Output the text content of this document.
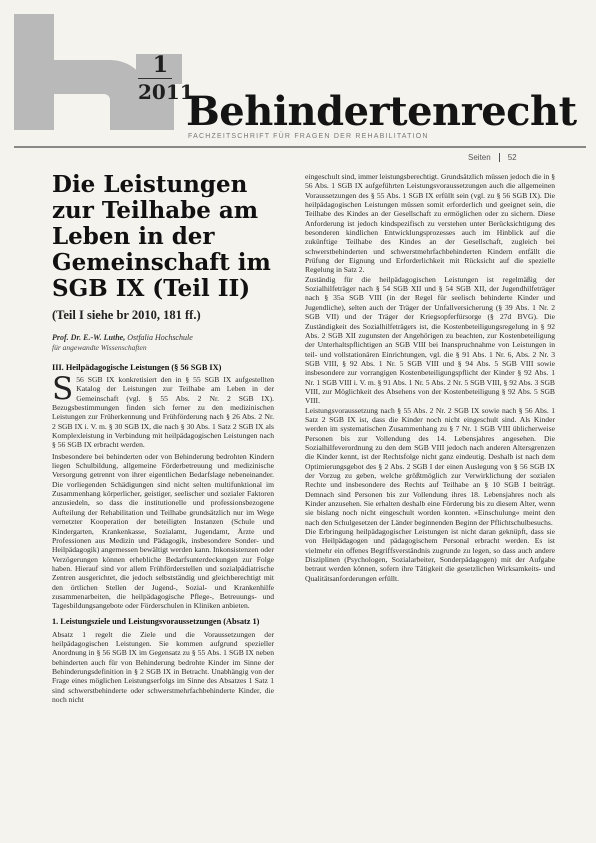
1
2011
Behindertenrecht
FACHZEITSCHRIFT FÜR FRAGEN DER REHABILITATION
Seiten 52
Die Leistungen zur Teilhabe am Leben in der Gemeinschaft im SGB IX (Teil II)
(Teil I siehe br 2010, 181 ff.)
Prof. Dr. E.-W. Luthe, Ostfalia Hochschule
für angewandte Wissenschaften
III. Heilpädagogische Leistungen (§ 56 SGB IX)

S 56 SGB IX konkretisiert den in § 55 SGB IX aufgestellten Katalog der Leistungen zur Teilhabe am Leben in der Gemeinschaft (vgl. § 55 Abs. 2 Nr. 2 SGB IX). Bezugsbestimmungen finden sich ferner zu den medizinischen Leistungen zur Früherkennung und Frühförderung nach § 26 Abs. 2 Nr. 2 SGB IX i. V. m. § 30 SGB IX, die nach § 30 Abs. 1 Satz 2 SGB IX als Komplexleistung in Verbindung mit heilpädagogischen Leistungen nach § 56 SGB IX erbracht werden.

Insbesondere bei behinderten oder von Behinderung bedrohten Kindern liegen Schulbildung, allgemeine Förderbetreuung und medizinische Versorgung getrennt von ihrer eigentlichen Bedarfslage nebeneinander. Die vorliegenden Schädigungen sind nicht selten multifunktional im Zusammenhang körperlicher, geistiger, seelischer und sozialer Faktoren anzusiedeln, so dass die institutionelle und professionsbezogene Aufteilung der Rehabilitation und Teilhabe grundsätzlich nur im Wege vernetzter Kooperation der beteiligten Instanzen (Schule und Kindergarten, Krankenkasse, Sozialamt, Jugendamt, Ärzte und Professionen aus Medizin und Pädagogik, insbesondere Sonder- und Heilpädagogik) angemessen bewältigt werden kann. Inkonsistenzen oder Verzögerungen können erhebliche Bedarfsunterdeckungen zur Folge haben. Hierauf sind vor allem Frühförderstellen und sozialpädiatrische Zentren ausgerichtet, die jedoch selbstständig und gleichberechtigt mit den örtlichen Stellen der Jugend-, Sozial- und Krankenhilfe zusammenarbeiten, die heilpädagogische Pflege-, Betreuungs- und Tagesbildungsangebote oder Förderschulen in Kliniken anbieten.

1. Leistungsziele und Leistungsvoraussetzungen (Absatz 1)

Absatz 1 regelt die Ziele und die Voraussetzungen der heilpädagogischen Leistungen. Sie kommen aufgrund spezieller Anordnung in § 56 SGB IX im Gegensatz zu § 55 Abs. 1 SGB IX neben behinderten auch für von Behinderung bedrohte Kinder im Sinne der Behinderungsdefinition in § 2 SGB IX in Betracht. Unabhängig von der Frage eines möglichen Leistungserfolgs im Sinne des Absatzes 1 Satz 1 sind schwerstbehinderte oder schwerstmehrfachbehinderte Kinder, die noch nicht

eingeschult sind, immer leistungsberechtigt. Grundsätzlich müssen jedoch die in § 56 Abs. 1 SGB IX aufgeführten Leistungsvoraussetzungen auch die allgemeinen Voraussetzungen des § 55 Abs. 1 SGB IX erfüllt sein (vgl. zu § 56 SGB IX). Die heilpädagogischen Leistungen müssen somit erforderlich und geeignet sein, die Teilhabe des Kindes an der Gesellschaft zu ermöglichen oder zu sichern. Diese Anforderung ist jedoch kindspezifisch zu verstehen unter Berücksichtigung des besonderen kindlichen Entwicklungsprozesses auch im Hinblick auf die zukünftige Teilhabe des Kindes an der Gesellschaft, zugleich bei schwerstbehinderten und schwerstmehrfachbehinderten Kindern entfällt die Prüfung der Eignung und Erforderlichkeit mit Rücksicht auf die spezielle Regelung in Satz 2.

Zuständig für die heilpädagogischen Leistungen ist regelmäßig der Sozialhilfeträger nach § 54 SGB XII und § 54 SGB XII, der Jugendhilfeträger nach § 35a SGB VIII (in der Regel für seelisch behinderte Kinder und Jugendliche), selten auch der Träger der Unfallversicherung (§ 39 Abs. 1 Nr. 2 SGB VII) und der Träger der Kriegsopferfürsorge (§ 27d BVG). Die Zuständigkeit des Sozialhilfeträgers ist, die Kostenbeteiligungsregelung in § 92 Abs. 2 SGB XII zugunsten der Angehörigen zu beachten, zur Kostenbeteiligung der Unterhaltspflichtigen an SGB VIII bei Inanspruchnahme von Leistungen in teil- und vollstationären Einrichtungen, vgl. die § 91 Abs. 1 Nr. 6, Abs. 2 Nr. 3 SGB VIII, § 92 Abs. 1 Nr. 5 SGB VIII und § 94 Abs. 5 SGB VIII sowie insbesondere zur vorrangigen Kostenbeteiligungspflicht der Kinder § 92 Abs. 1 Nr. 1 SGB VIII i. V. m. § 91 Abs. 1 Nr. 5 Abs. 2 Nr. 5 SGB VIII, § 92 Abs. 3 SGB VIII, zur Möglichkeit des Absehens von der Kostenbeteiligung § 92 Abs. 5 SGB VIII.

Leistungsvoraussetzung nach § 55 Abs. 2 Nr. 2 SGB IX sowie nach § 56 Abs. 1 Satz 2 SGB IX ist, dass die Kinder noch nicht eingeschult sind. Als Kinder werden im systematischen Zusammenhang zu § 7 Nr. 1 SGB VIII üblicherweise Personen bis zur Vollendung des 14. Lebensjahres angesehen. Die Sozialhilfeverordnung zu den dem SGB VIII jedoch nach anderen Altersgrenzen die Kinder kennt, ist der Rechtsfolge nicht ganz eindeutig. Deshalb ist nach dem Optimierungsgebot des § 2 Abs. 2 SGB I der einen Auslegung von § 56 SGB IX der Vorzug zu geben, welche größtmöglich zur Verwirklichung der sozialen Rechte und insbesondere des Rechts auf Teilhabe an § 10 SGB I beiträgt. Demnach sind Personen bis zur Vollendung ihres 18. Lebensjahres noch als Kinder anzusehen. Sie erhalten deshalb eine Förderung bis zu diesem Alter, wenn sie bislang noch nicht eingeschult worden konnten. »Einschulung« meint den nach den Schulgesetzen der Länder beginnenden Beginn der Pflichtschulbesuchs.

Die Erbringung heilpädagogischer Leistungen ist nicht daran geknüpft, dass sie von Heilpädagogen und pädagogischem Personal erbracht werden. Es ist vielmehr ein offenes Begriffsverständnis zugrunde zu legen, so dass auch andere Disziplinen (Psychologen, Sozialarbeiter, Sonderpädagogen) mit der Aufgabe betraut werden können, sofern ihre Tätigkeit die gesetzlichen Wirksamkeits- und Qualitätsanforderungen erfüllt.
